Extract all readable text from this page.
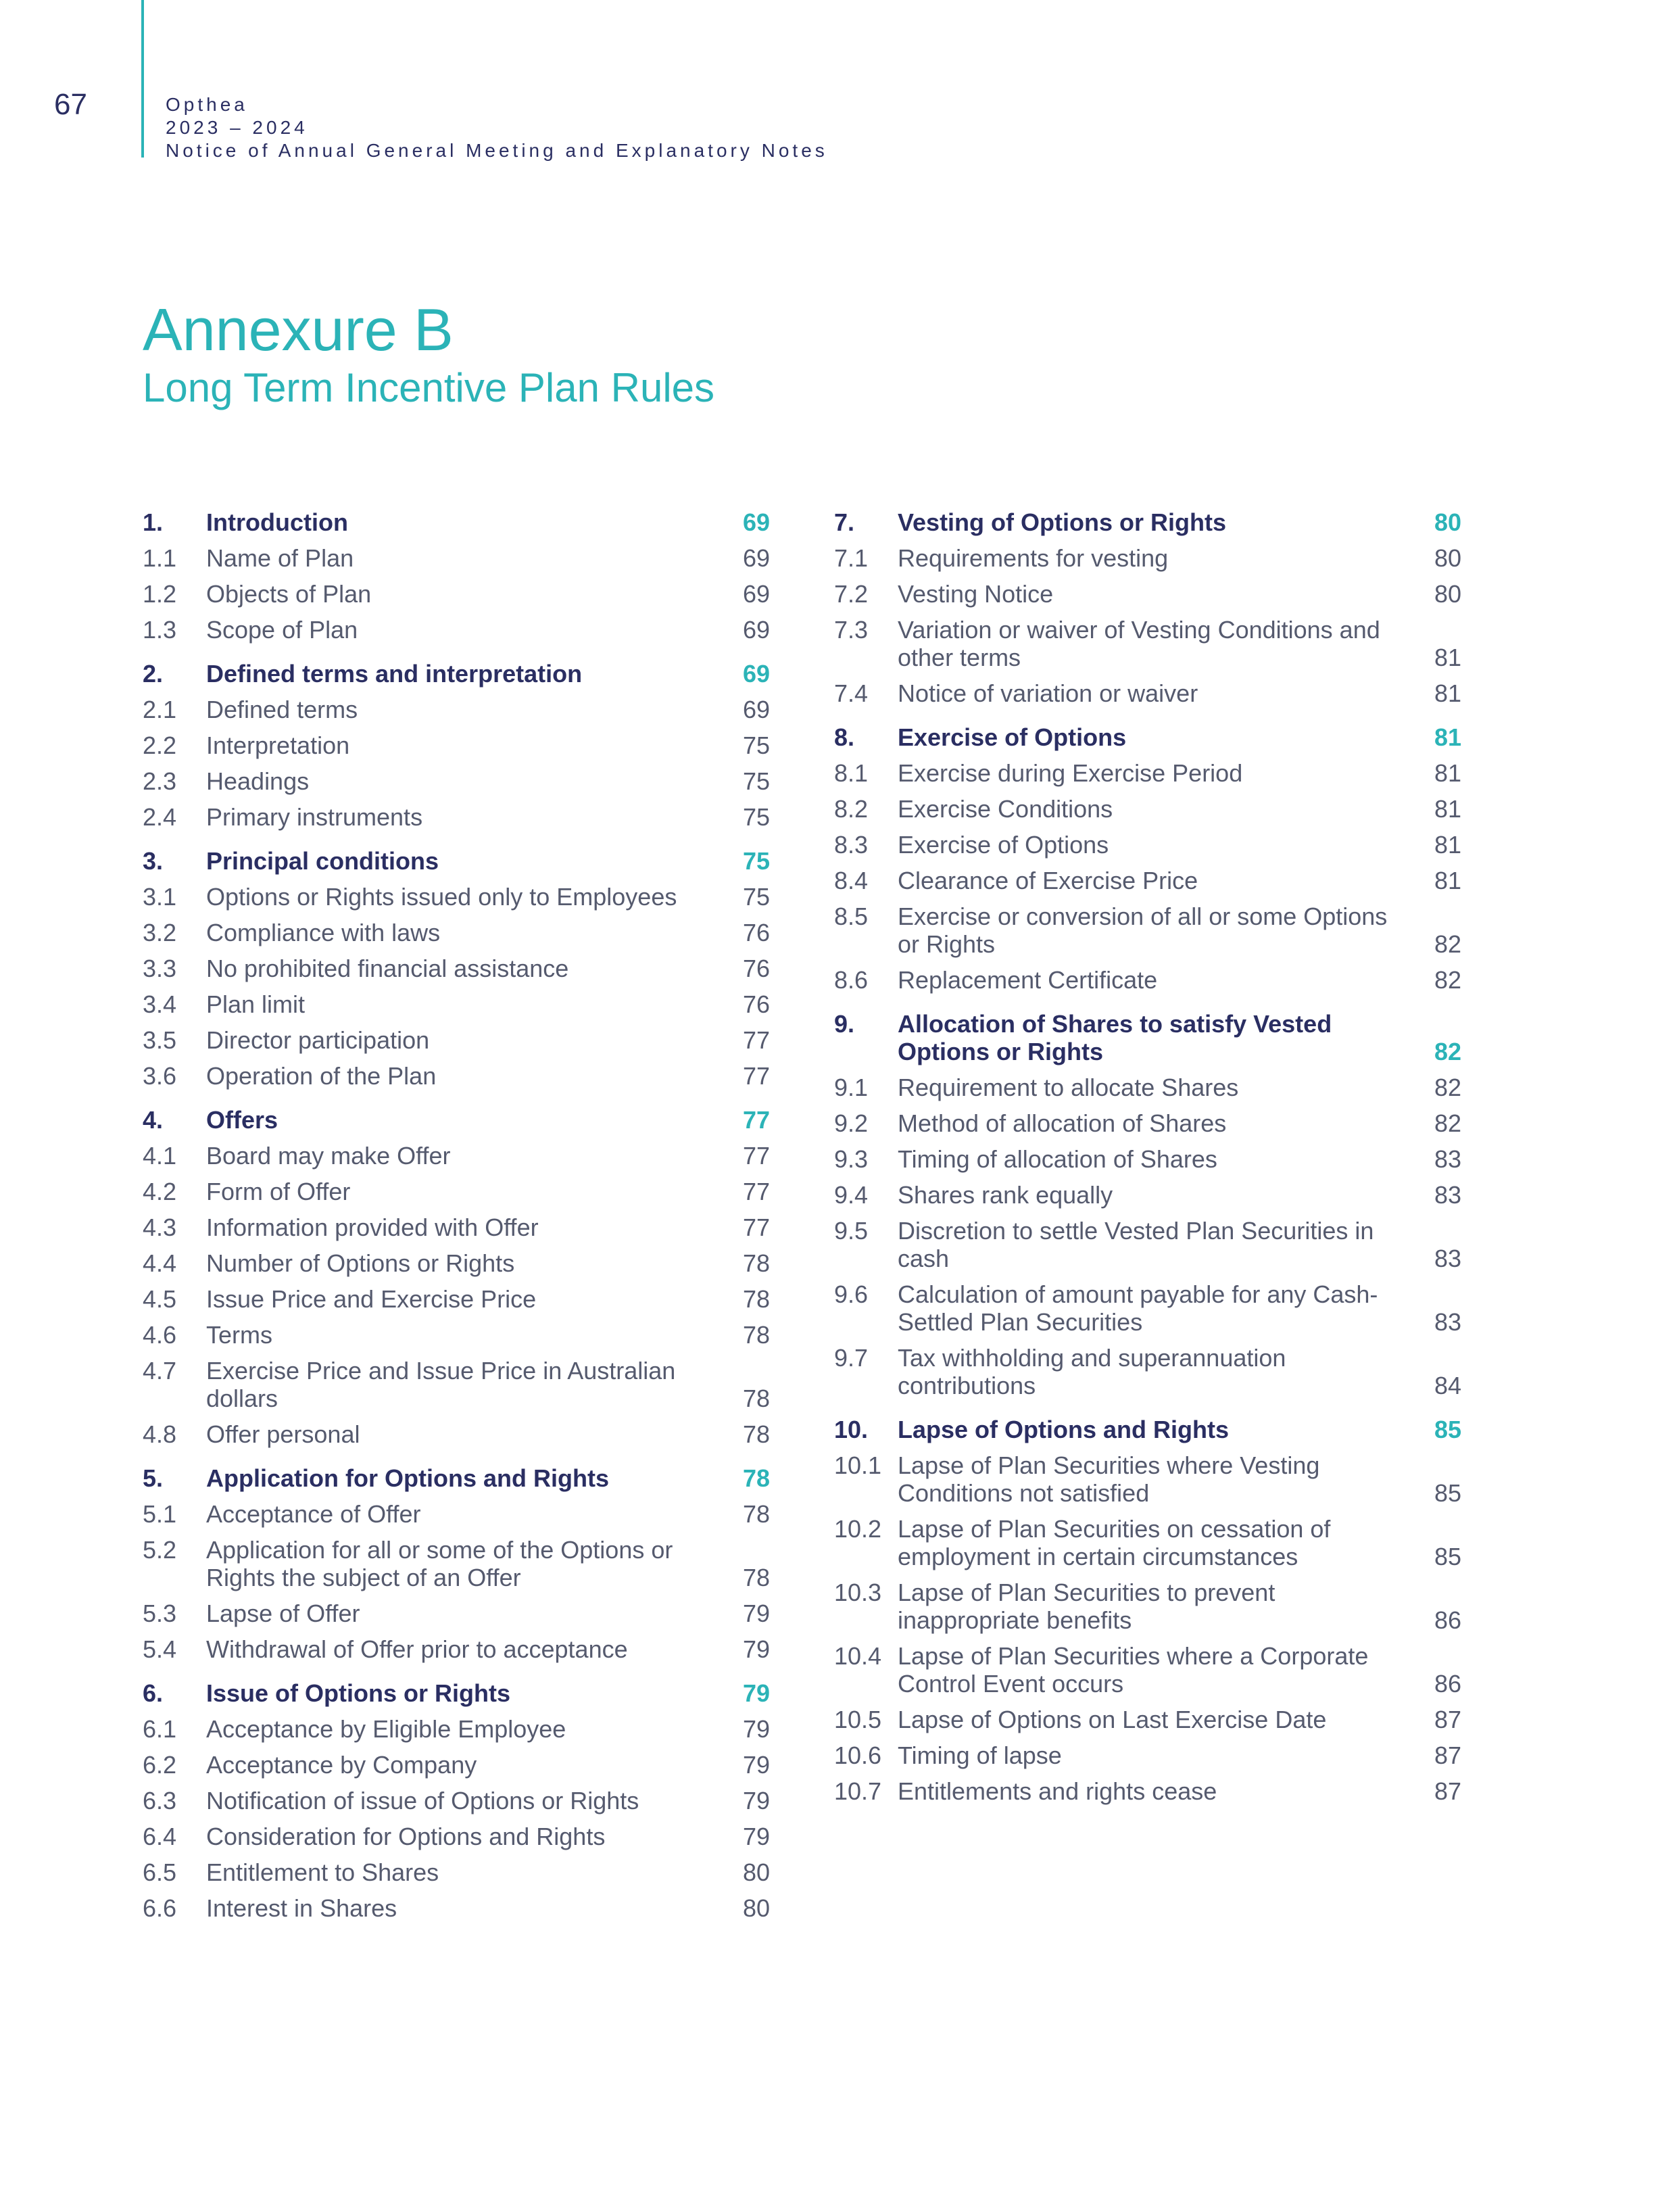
67	Opthea
2023 – 2024
Notice of Annual General Meeting and Explanatory Notes
Annexure B
Long Term Incentive Plan Rules
1.	Introduction	69
1.1	Name of Plan	69
1.2	Objects of Plan	69
1.3	Scope of Plan	69
2.	Defined terms and interpretation	69
2.1	Defined terms	69
2.2	Interpretation	75
2.3	Headings	75
2.4	Primary instruments	75
3.	Principal conditions	75
3.1	Options or Rights issued only to Employees	75
3.2	Compliance with laws	76
3.3	No prohibited financial assistance	76
3.4	Plan limit	76
3.5	Director participation	77
3.6	Operation of the Plan	77
4.	Offers	77
4.1	Board may make Offer	77
4.2	Form of Offer	77
4.3	Information provided with Offer	77
4.4	Number of Options or Rights	78
4.5	Issue Price and Exercise Price	78
4.6	Terms	78
4.7	Exercise Price and Issue Price in Australian dollars	78
4.8	Offer personal	78
5.	Application for Options and Rights	78
5.1	Acceptance of Offer	78
5.2	Application for all or some of the Options or Rights the subject of an Offer	78
5.3	Lapse of Offer	79
5.4	Withdrawal of Offer prior to acceptance	79
6.	Issue of Options or Rights	79
6.1	Acceptance by Eligible Employee	79
6.2	Acceptance by Company	79
6.3	Notification of issue of Options or Rights	79
6.4	Consideration for Options and Rights	79
6.5	Entitlement to Shares	80
6.6	Interest in Shares	80
7.	Vesting of Options or Rights	80
7.1	Requirements for vesting	80
7.2	Vesting Notice	80
7.3	Variation or waiver of Vesting Conditions and other terms	81
7.4	Notice of variation or waiver	81
8.	Exercise of Options	81
8.1	Exercise during Exercise Period	81
8.2	Exercise Conditions	81
8.3	Exercise of Options	81
8.4	Clearance of Exercise Price	81
8.5	Exercise or conversion of all or some Options or Rights	82
8.6	Replacement Certificate	82
9.	Allocation of Shares to satisfy Vested Options or Rights	82
9.1	Requirement to allocate Shares	82
9.2	Method of allocation of Shares	82
9.3	Timing of allocation of Shares	83
9.4	Shares rank equally	83
9.5	Discretion to settle Vested Plan Securities in cash	83
9.6	Calculation of amount payable for any Cash-Settled Plan Securities	83
9.7	Tax withholding and superannuation contributions	84
10.	Lapse of Options and Rights	85
10.1 Lapse of Plan Securities where Vesting Conditions not satisfied	85
10.2 Lapse of Plan Securities on cessation of employment in certain circumstances	85
10.3 Lapse of Plan Securities to prevent inappropriate benefits	86
10.4 Lapse of Plan Securities where a Corporate Control Event occurs	86
10.5 Lapse of Options on Last Exercise Date	87
10.6 Timing of lapse	87
10.7 Entitlements and rights cease	87
